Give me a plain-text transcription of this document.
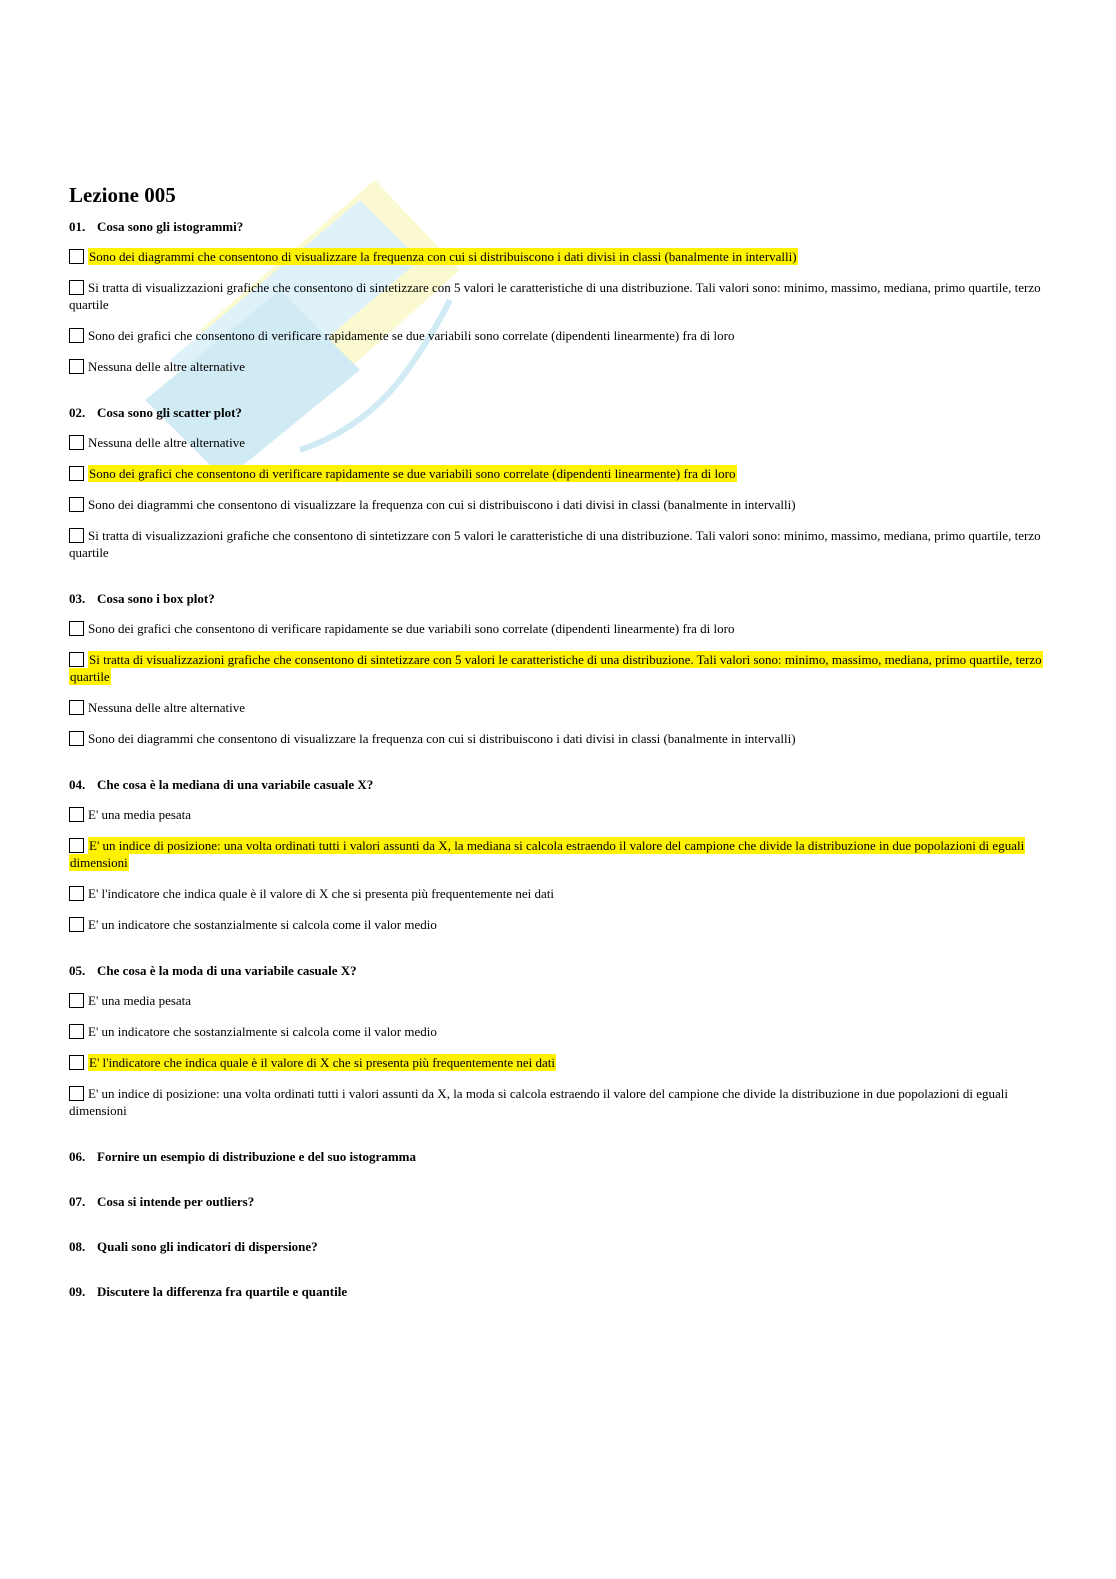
Lezione 005
01. Cosa sono gli istogrammi?
Sono dei diagrammi che consentono di visualizzare la frequenza con cui si distribuiscono i dati divisi in classi (banalmente in intervalli)
Si tratta di visualizzazioni grafiche che consentono di sintetizzare con 5 valori le caratteristiche di una distribuzione. Tali valori sono: minimo, massimo, mediana, primo quartile, terzo quartile
Sono dei grafici che consentono di verificare rapidamente se due variabili sono correlate (dipendenti linearmente) fra di loro
Nessuna delle altre alternative
02. Cosa sono gli scatter plot?
Nessuna delle altre alternative
Sono dei grafici che consentono di verificare rapidamente se due variabili sono correlate (dipendenti linearmente) fra di loro
Sono dei diagrammi che consentono di visualizzare la frequenza con cui si distribuiscono i dati divisi in classi (banalmente in intervalli)
Si tratta di visualizzazioni grafiche che consentono di sintetizzare con 5 valori le caratteristiche di una distribuzione. Tali valori sono: minimo, massimo, mediana, primo quartile, terzo quartile
03. Cosa sono i box plot?
Sono dei grafici che consentono di verificare rapidamente se due variabili sono correlate (dipendenti linearmente) fra di loro
Si tratta di visualizzazioni grafiche che consentono di sintetizzare con 5 valori le caratteristiche di una distribuzione. Tali valori sono: minimo, massimo, mediana, primo quartile, terzo quartile
Nessuna delle altre alternative
Sono dei diagrammi che consentono di visualizzare la frequenza con cui si distribuiscono i dati divisi in classi (banalmente in intervalli)
04. Che cosa è la mediana di una variabile casuale X?
E' una media pesata
E' un indice di posizione: una volta ordinati tutti i valori assunti da X, la mediana si calcola estraendo il valore del campione che divide la distribuzione in due popolazioni di eguali dimensioni
E' l'indicatore che indica quale è il valore di X che si presenta più frequentemente nei dati
E' un indicatore che sostanzialmente si calcola come il valor medio
05. Che cosa è la moda di una variabile casuale X?
E' una media pesata
E' un indicatore che sostanzialmente si calcola come il valor medio
E' l'indicatore che indica quale è il valore di X che si presenta più frequentemente nei dati
E' un indice di posizione: una volta ordinati tutti i valori assunti da X, la moda si calcola estraendo il valore del campione che divide la distribuzione in due popolazioni di eguali dimensioni
06. Fornire un esempio di distribuzione e del suo istogramma
07. Cosa si intende per outliers?
08. Quali sono gli indicatori di dispersione?
09. Discutere la differenza fra quartile e quantile
